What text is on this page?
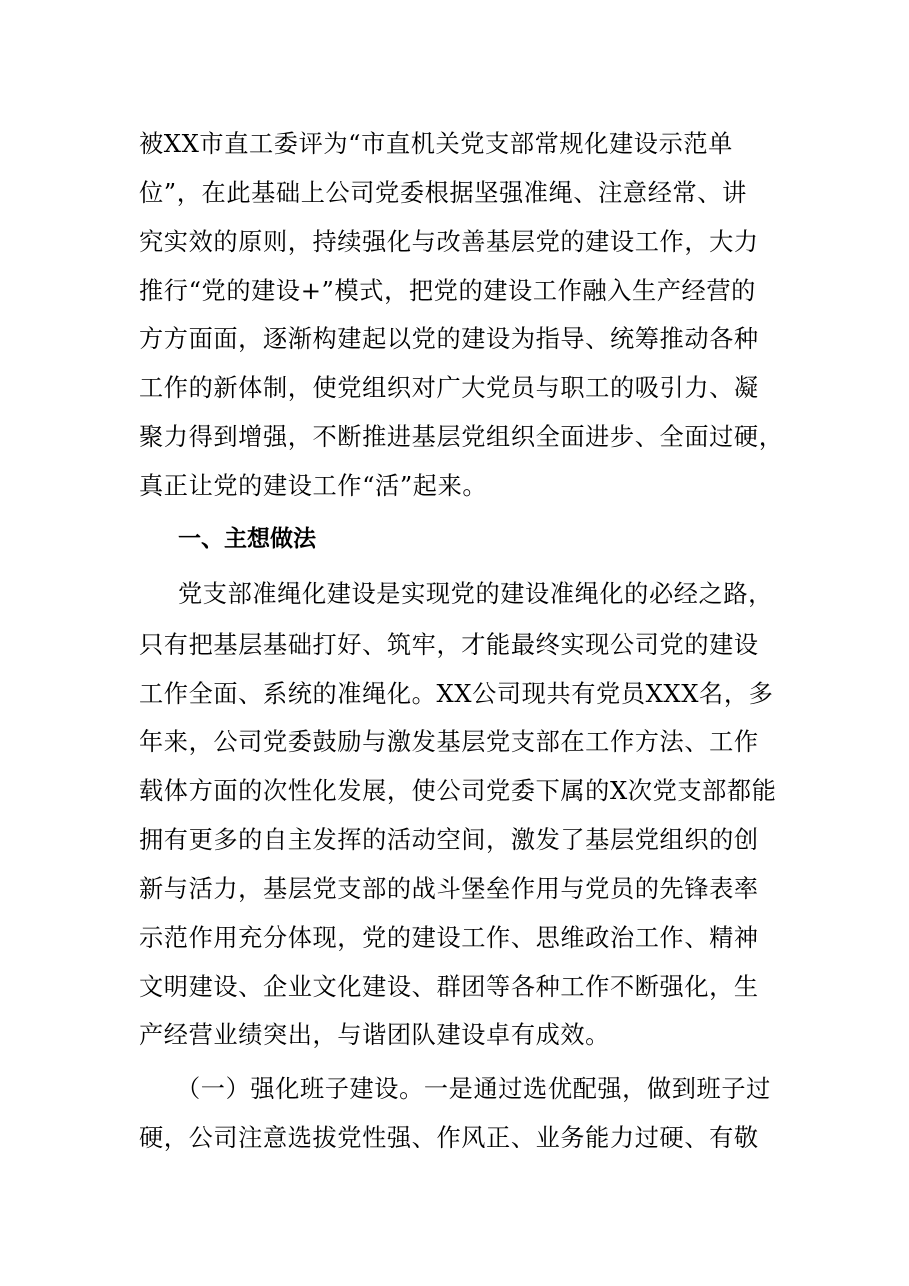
被XX市直工委评为“市直机关党支部常规化建设示范单
位”，在此基础上公司党委根据坚强准绳、注意经常、讲
究实效的原则，持续强化与改善基层党的建设工作，大力
推行“党的建设+”模式，把党的建设工作融入生产经营的
方方面面，逐渐构建起以党的建设为指导、统筹推动各种
工作的新体制，使党组织对广大党员与职工的吸引力、凝
聚力得到增强，不断推进基层党组织全面进步、全面过硬，
真正让党的建设工作“活”起来。
一、主想做法
党支部准绳化建设是实现党的建设准绳化的必经之路，
只有把基层基础打好、筑牢，才能最终实现公司党的建设
工作全面、系统的准绳化。XX公司现共有党员XXX名，多
年来，公司党委鼓励与激发基层党支部在工作方法、工作
载体方面的次性化发展，使公司党委下属的X次党支部都能
拥有更多的自主发挥的活动空间，激发了基层党组织的创
新与活力，基层党支部的战斗堡垒作用与党员的先锋表率
示范作用充分体现，党的建设工作、思维政治工作、精神
文明建设、企业文化建设、群团等各种工作不断强化，生
产经营业绩突出，与谐团队建设卓有成效。
（一）强化班子建设。一是通过选优配强，做到班子过
硬，公司注意选拔党性强、作风正、业务能力过硬、有敬
